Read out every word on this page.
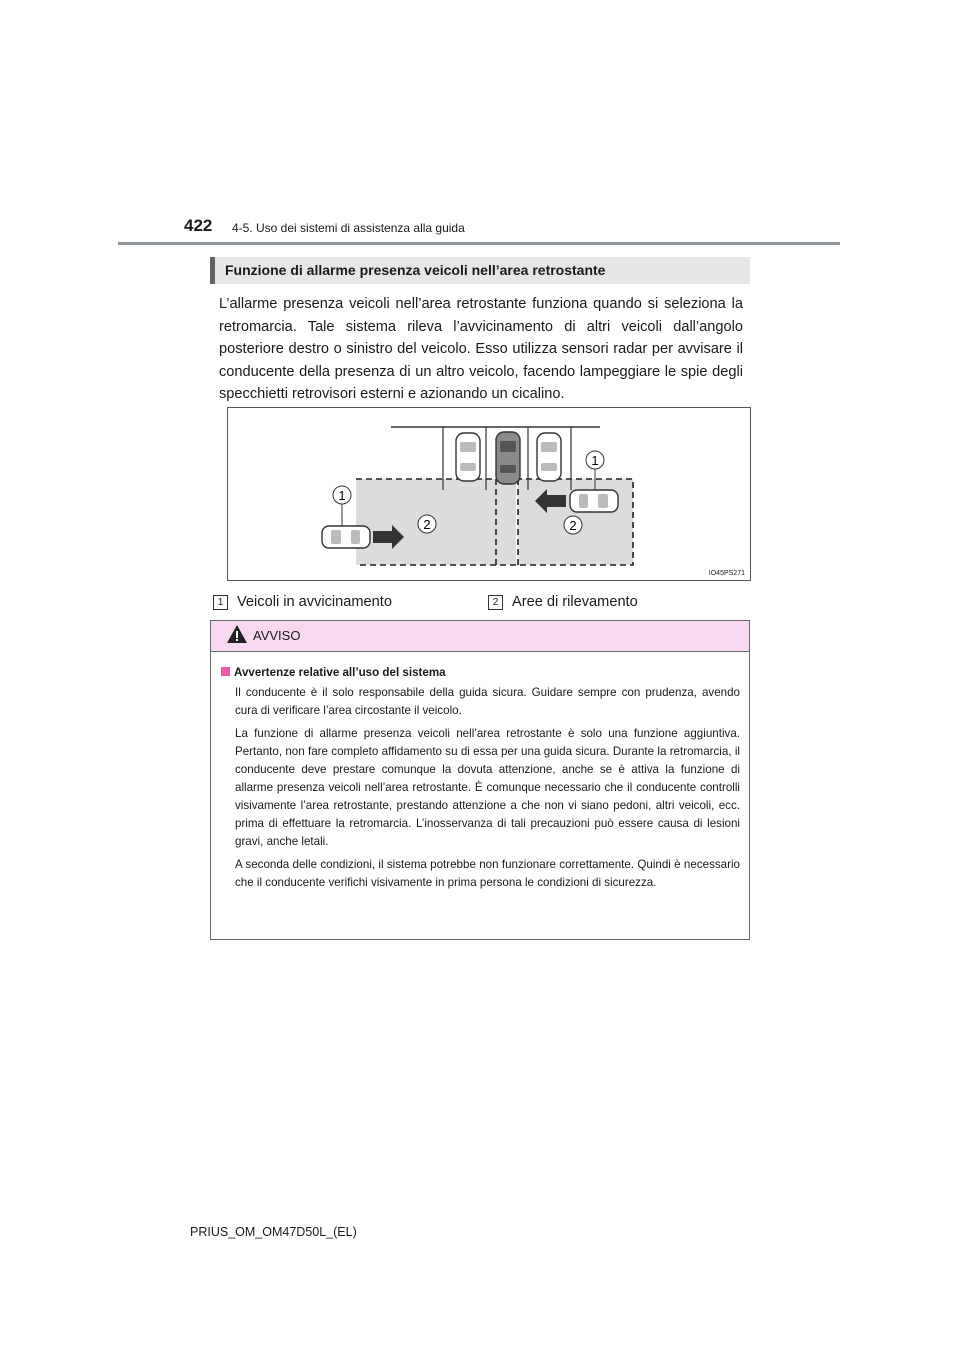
422 4-5. Uso dei sistemi di assistenza alla guida
Funzione di allarme presenza veicoli nell’area retrostante
L’allarme presenza veicoli nell’area retrostante funziona quando si seleziona la retromarcia. Tale sistema rileva l’avvicinamento di altri veicoli dall’angolo posteriore destro o sinistro del veicolo. Esso utilizza sensori radar per avvisare il conducente della presenza di un altro veicolo, facendo lampeggiare le spie degli specchietti retrovisori esterni e azionando un cicalino.
1
1
2	2
IO45PS271
1 Veicoli in avvicinamento	2 Aree di rilevamento
AVVISO
Avvertenze relative all’uso del sistema

Il conducente è il solo responsabile della guida sicura. Guidare sempre con prudenza, avendo cura di verificare l’area circostante il veicolo.

La funzione di allarme presenza veicoli nell’area retrostante è solo una funzione aggiuntiva. Pertanto, non fare completo affidamento su di essa per una guida sicura. Durante la retromarcia, il conducente deve prestare comunque la dovuta attenzione, anche se è attiva la funzione di allarme presenza veicoli nell’area retrostante. È comunque necessario che il conducente controlli visivamente l’area retrostante, prestando attenzione a che non vi siano pedoni, altri veicoli, ecc. prima di effettuare la retromarcia. L’inosservanza di tali precauzioni può essere causa di lesioni gravi, anche letali.

A seconda delle condizioni, il sistema potrebbe non funzionare correttamente. Quindi è necessario che il conducente verifichi visivamente in prima persona le condizioni di sicurezza.

PRIUS_OM_OM47D50L_(EL)
